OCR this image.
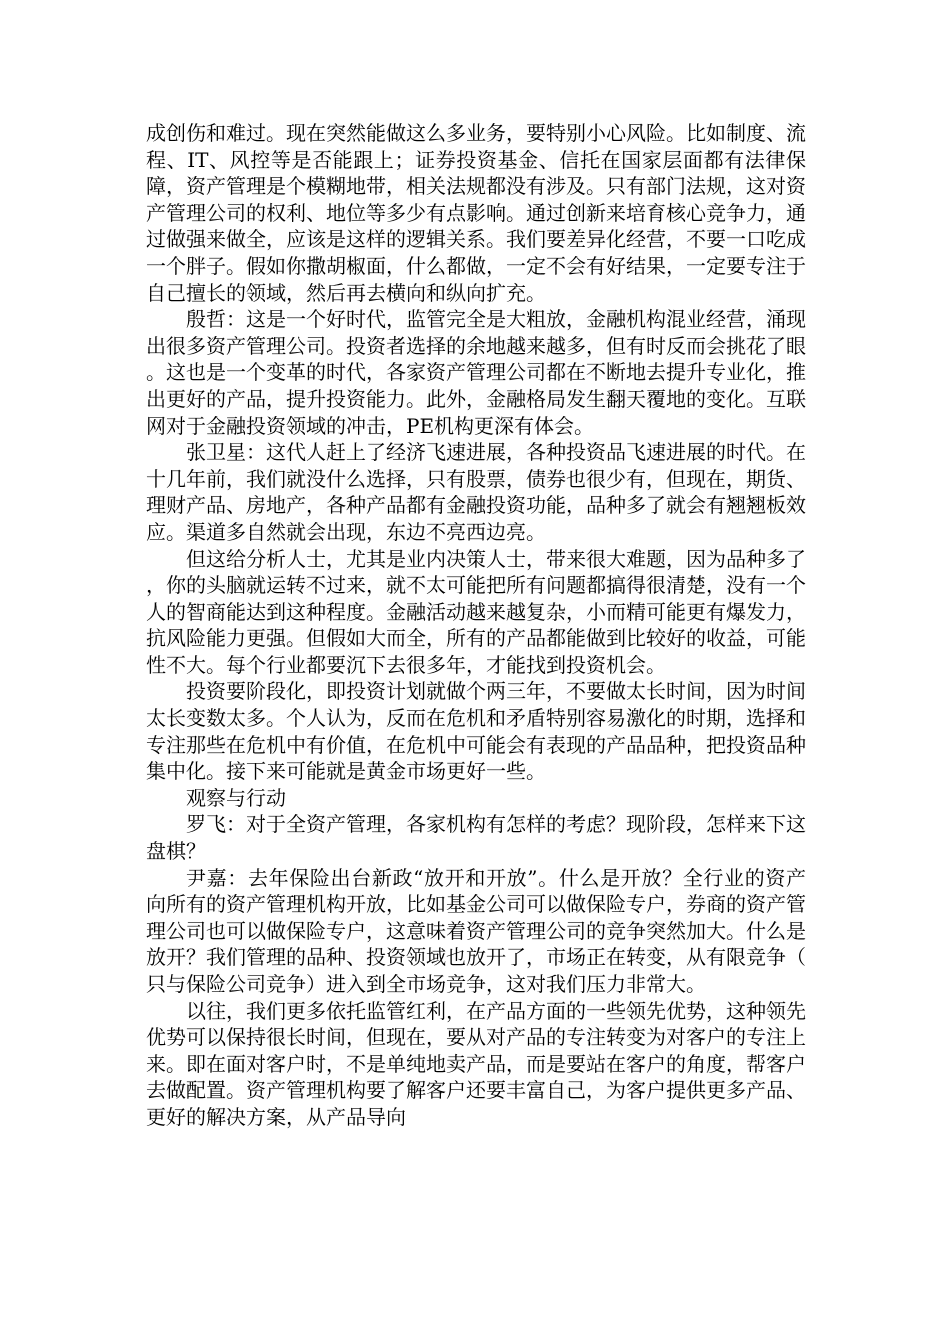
成创伤和难过。现在突然能做这么多业务，要特别小心风险。比如制度、流程、IT、风控等是否能跟上；证券投资基金、信托在国家层面都有法律保障，资产管理是个模糊地带，相关法规都没有涉及。只有部门法规，这对资产管理公司的权利、地位等多少有点影响。通过创新来培育核心竞争力，通过做强来做全，应该是这样的逻辑关系。我们要差异化经营，不要一口吃成一个胖子。假如你撒胡椒面，什么都做，一定不会有好结果，一定要专注于自己擅长的领域，然后再去横向和纵向扩充。

殷哲：这是一个好时代，监管完全是大粗放，金融机构混业经营，涌现出很多资产管理公司。投资者选择的余地越来越多，但有时反而会挑花了眼。这也是一个变革的时代，各家资产管理公司都在不断地去提升专业化，推出更好的产品，提升投资能力。此外，金融格局发生翻天覆地的变化。互联网对于金融投资领域的冲击，PE机构更深有体会。

张卫星：这代人赶上了经济飞速进展，各种投资品飞速进展的时代。在十几年前，我们就没什么选择，只有股票，债券也很少有，但现在，期货、理财产品、房地产，各种产品都有金融投资功能，品种多了就会有翘翘板效应。渠道多自然就会出现，东边不亮西边亮。

但这给分析人士，尤其是业内决策人士，带来很大难题，因为品种多了，你的头脑就运转不过来，就不太可能把所有问题都搞得很清楚，没有一个人的智商能达到这种程度。金融活动越来越复杂，小而精可能更有爆发力，抗风险能力更强。但假如大而全，所有的产品都能做到比较好的收益，可能性不大。每个行业都要沉下去很多年，才能找到投资机会。

投资要阶段化，即投资计划就做个两三年，不要做太长时间，因为时间太长变数太多。个人认为，反而在危机和矛盾特别容易激化的时期，选择和专注那些在危机中有价值，在危机中可能会有表现的产品品种，把投资品种集中化。接下来可能就是黄金市场更好一些。

观察与行动

罗飞：对于全资产管理，各家机构有怎样的考虑？现阶段，怎样来下这盘棋？

尹嘉：去年保险出台新政“放开和开放”。什么是开放？全行业的资产向所有的资产管理机构开放，比如基金公司可以做保险专户，券商的资产管理公司也可以做保险专户，这意味着资产管理公司的竞争突然加大。什么是放开？我们管理的品种、投资领域也放开了，市场正在转变，从有限竞争（只与保险公司竞争）进入到全市场竞争，这对我们压力非常大。

以往，我们更多依托监管红利，在产品方面的一些领先优势，这种领先优势可以保持很长时间，但现在，要从对产品的专注转变为对客户的专注上来。即在面对客户时，不是单纯地卖产品，而是要站在客户的角度，帮客户去做配置。资产管理机构要了解客户还要丰富自己，为客户提供更多产品、更好的解决方案，从产品导向
